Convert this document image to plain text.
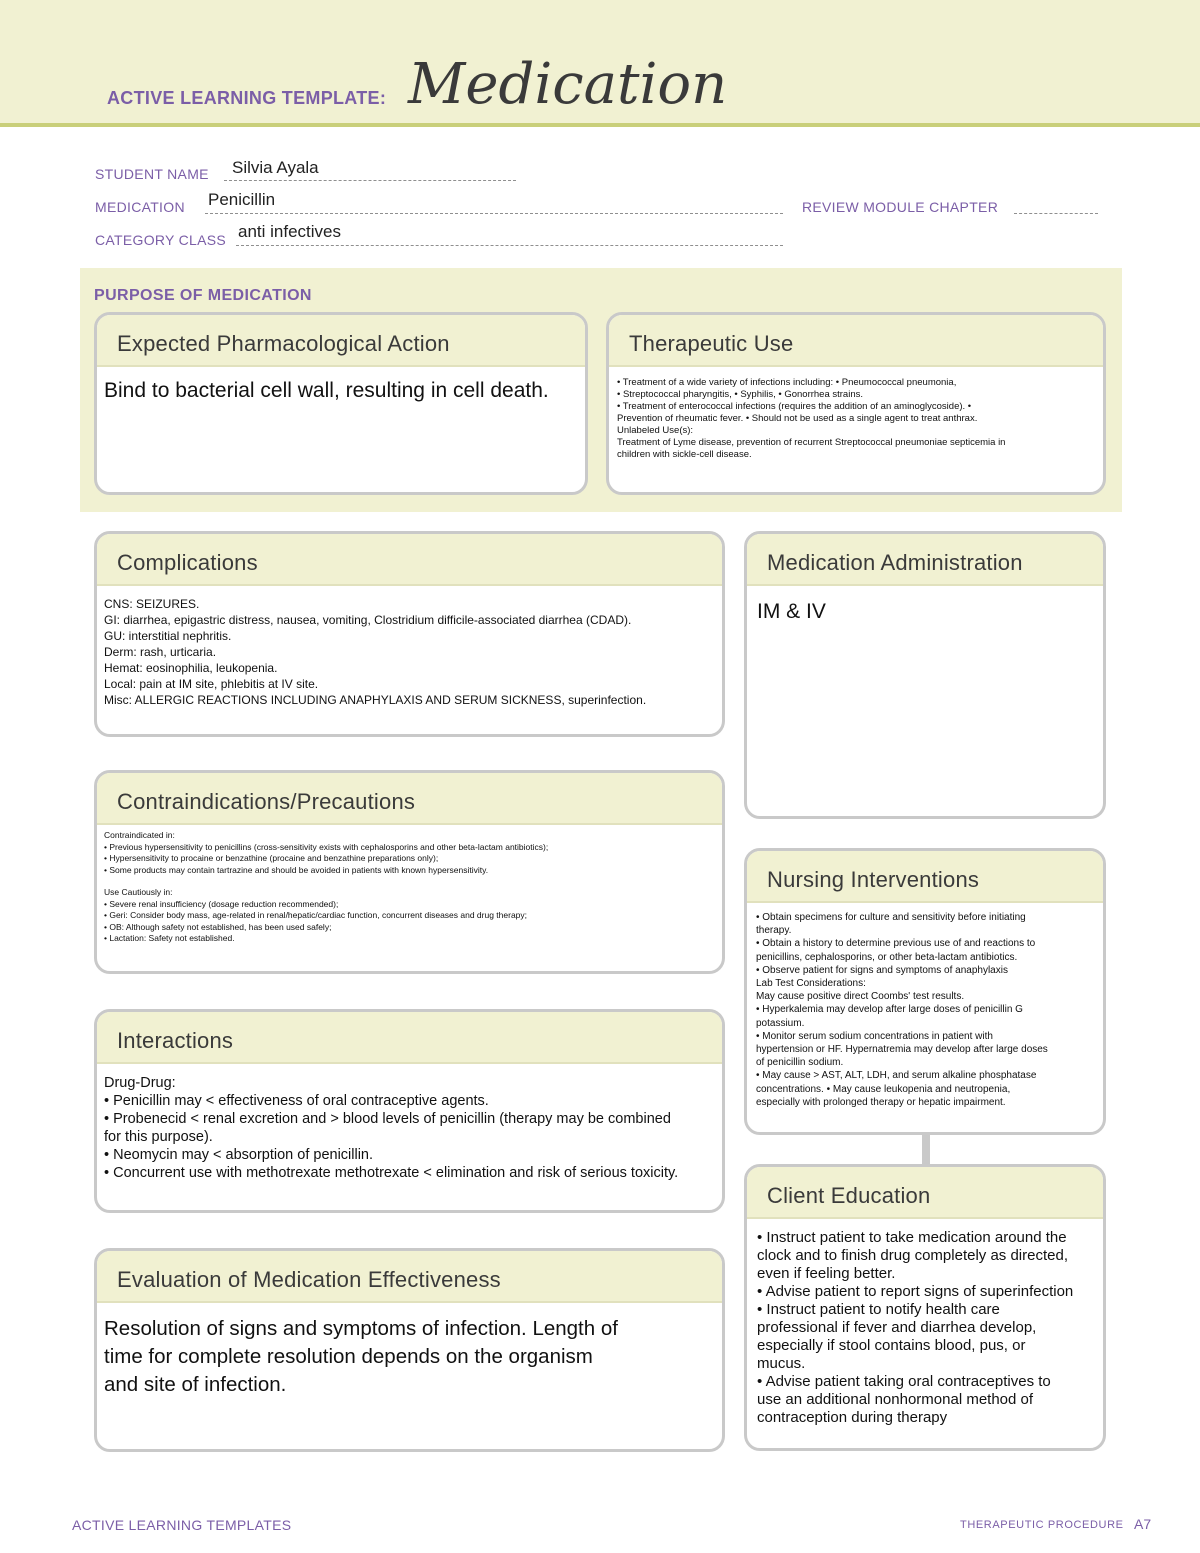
ACTIVE LEARNING TEMPLATE: Medication
STUDENT NAME Silvia Ayala
MEDICATION Penicillin	REVIEW MODULE CHAPTER
CATEGORY CLASS anti infectives
PURPOSE OF MEDICATION
Expected Pharmacological Action
Bind to bacterial cell wall, resulting in cell death.
Therapeutic Use
• Treatment of a wide variety of infections including: • Pneumococcal pneumonia,
• Streptococcal pharyngitis, • Syphilis, • Gonorrhea strains.
• Treatment of enterococcal infections (requires the addition of an aminoglycoside). •
Prevention of rheumatic fever. • Should not be used as a single agent to treat anthrax.
Unlabeled Use(s):
Treatment of Lyme disease, prevention of recurrent Streptococcal pneumoniae septicemia in
children with sickle-cell disease.
Complications
CNS: SEIZURES.
GI: diarrhea, epigastric distress, nausea, vomiting, Clostridium difficile-associated diarrhea (CDAD).
GU: interstitial nephritis.
Derm: rash, urticaria.
Hemat: eosinophilia, leukopenia.
Local: pain at IM site, phlebitis at IV site.
Misc: ALLERGIC REACTIONS INCLUDING ANAPHYLAXIS AND SERUM SICKNESS, superinfection.
Medication Administration
IM & IV
Contraindications/Precautions
Contraindicated in:
• Previous hypersensitivity to penicillins (cross-sensitivity exists with cephalosporins and other beta-lactam antibiotics);
• Hypersensitivity to procaine or benzathine (procaine and benzathine preparations only);
• Some products may contain tartrazine and should be avoided in patients with known hypersensitivity.
Use Cautiously in:
• Severe renal insufficiency (dosage reduction recommended);
• Geri: Consider body mass, age-related in renal/hepatic/cardiac function, concurrent diseases and drug therapy;
• OB: Although safety not established, has been used safely;
• Lactation: Safety not established.
Nursing Interventions
• Obtain specimens for culture and sensitivity before initiating
therapy.
• Obtain a history to determine previous use of and reactions to
penicillins, cephalosporins, or other beta-lactam antibiotics.
• Observe patient for signs and symptoms of anaphylaxis
Lab Test Considerations:
May cause positive direct Coombs' test results.
• Hyperkalemia may develop after large doses of penicillin G
potassium.
• Monitor serum sodium concentrations in patient with
hypertension or HF. Hypernatremia may develop after large doses
of penicillin sodium.
• May cause > AST, ALT, LDH, and serum alkaline phosphatase
concentrations. • May cause leukopenia and neutropenia,
especially with prolonged therapy or hepatic impairment.
Interactions
Drug-Drug:
• Penicillin may < effectiveness of oral contraceptive agents.
• Probenecid < renal excretion and > blood levels of penicillin (therapy may be combined
for this purpose).
• Neomycin may < absorption of penicillin.
• Concurrent use with methotrexate methotrexate < elimination and risk of serious toxicity.
Client Education
• Instruct patient to take medication around the
clock and to finish drug completely as directed,
even if feeling better.
• Advise patient to report signs of superinfection
• Instruct patient to notify health care
professional if fever and diarrhea develop,
especially if stool contains blood, pus, or
mucus.
• Advise patient taking oral contraceptives to
use an additional nonhormonal method of
contraception during therapy
Evaluation of Medication Effectiveness
Resolution of signs and symptoms of infection. Length of
time for complete resolution depends on the organism
and site of infection.
ACTIVE LEARNING TEMPLATES	THERAPEUTIC PROCEDURE A7
